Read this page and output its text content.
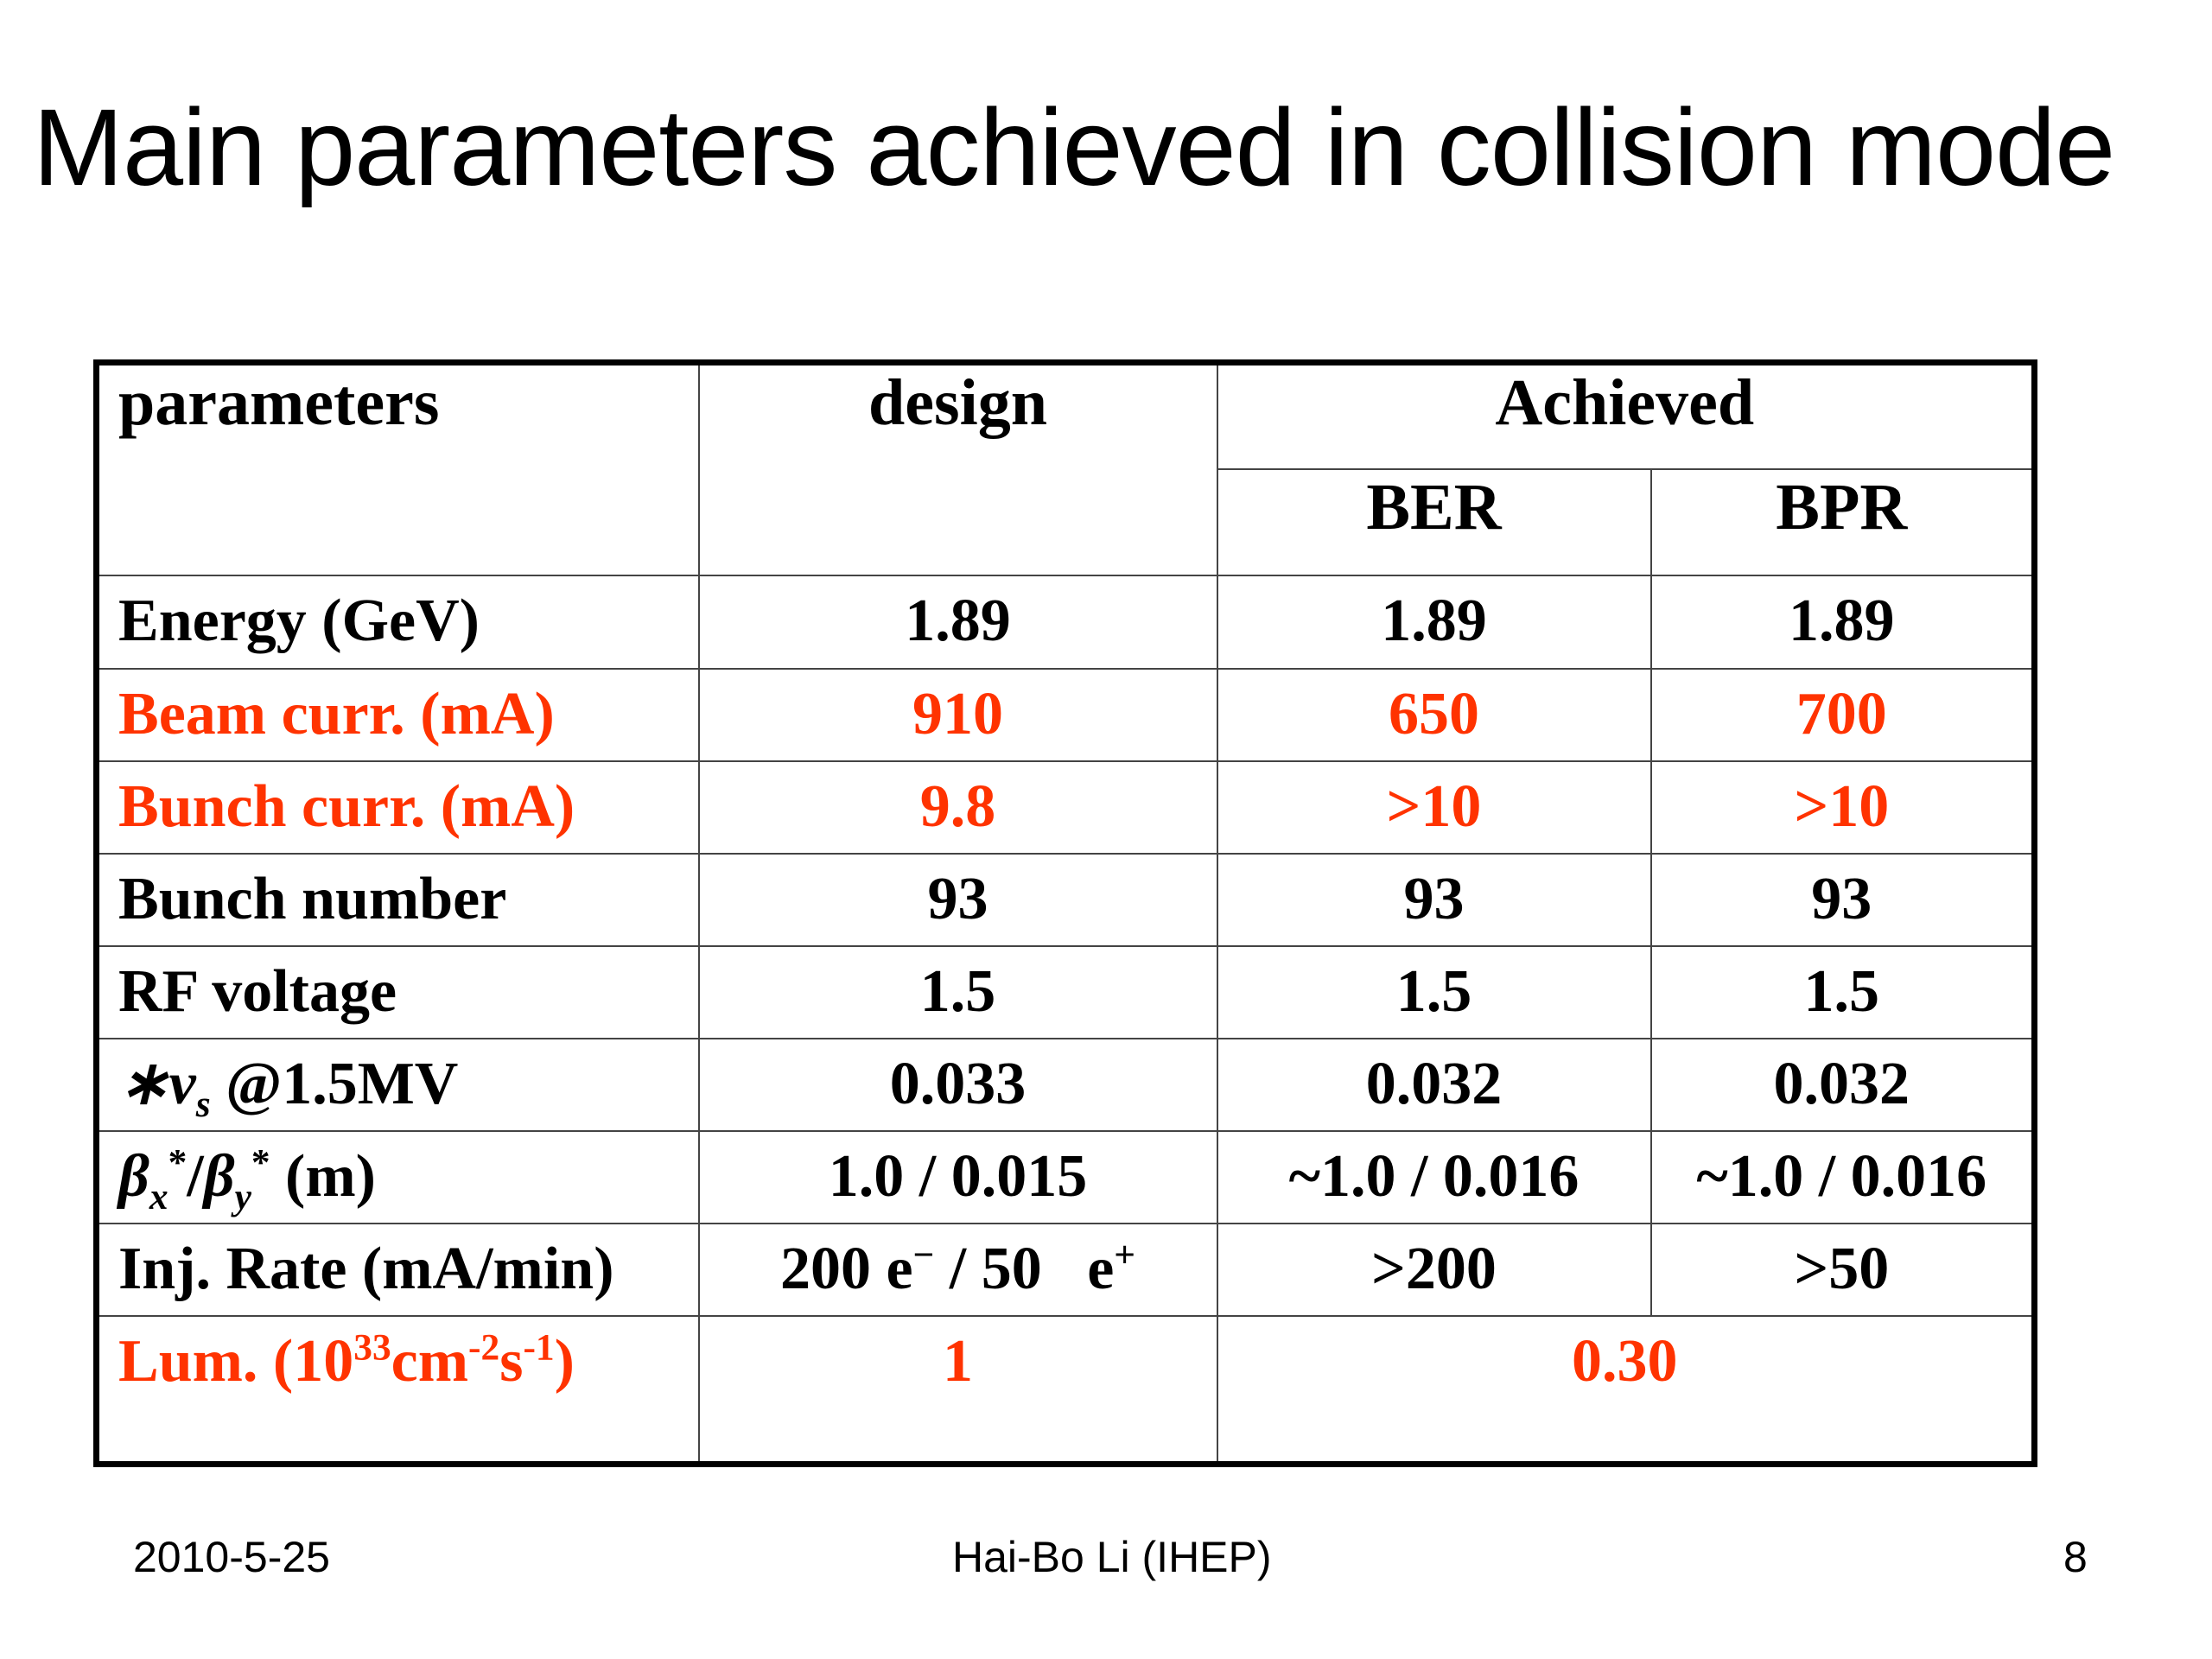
Main parameters achieved in collision mode
parameters	design	Achieved	
		BER	BPR
Energy (GeV)	1.89	1.89	1.89
Beam curr. (mA)	910	650	700
Bunch curr. (mA)	9.8	>10	>10
Bunch number	93	93	93
RF voltage	1.5	1.5	1.5
$∗\nu_s$ @1.5MV	0.033	0.032	0.032
$\beta_x^*/\beta_y^*$ (m)	1.0 / 0.015	~1.0 / 0.016	~1.0 / 0.016
Inj. Rate (mA/min)	200 e− / 50 e+	>200	>50
Lum. $(10^{33}cm^{-2}s^{-1})$	1	0.30	
2010-5-25	Hai-Bo Li (IHEP)	8
